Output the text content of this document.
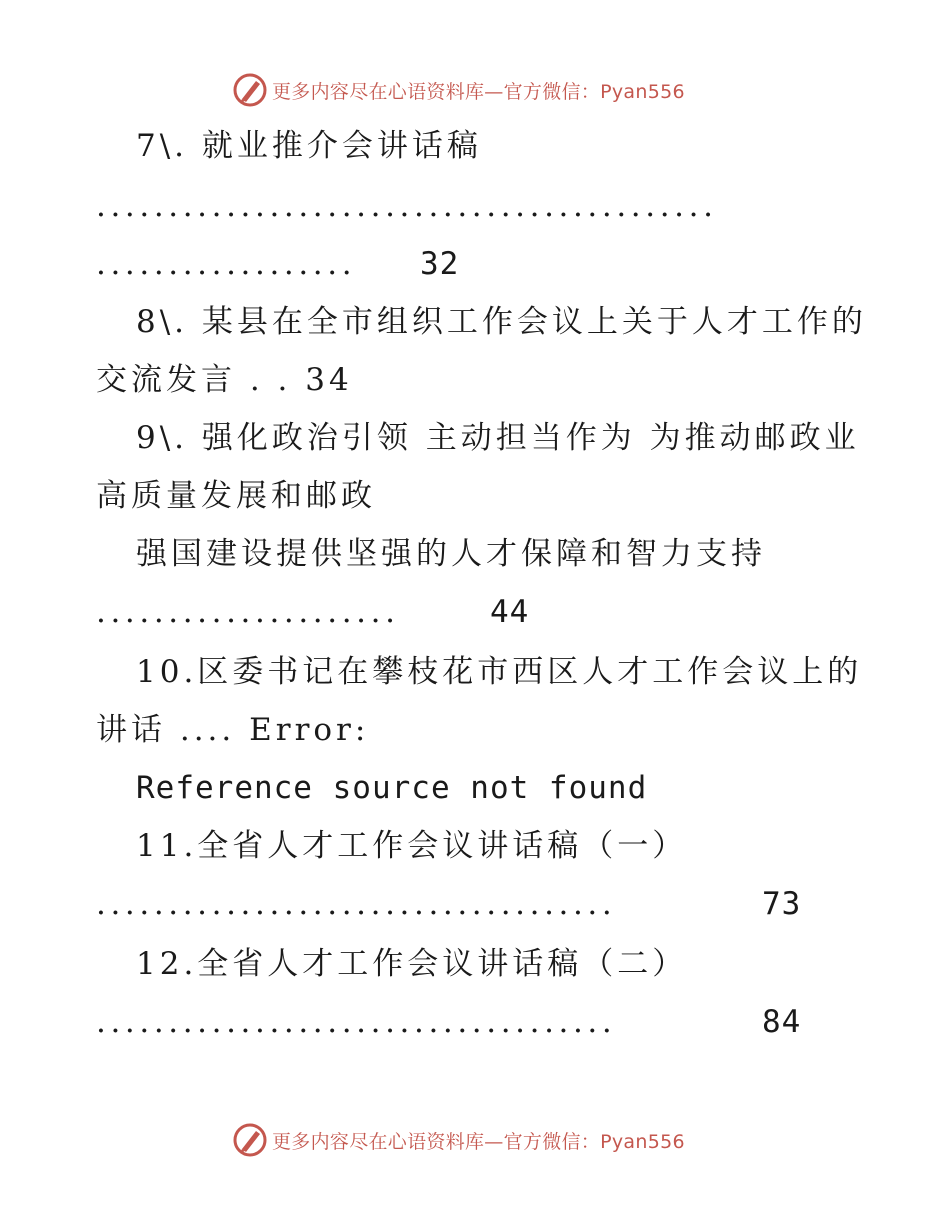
更多内容尽在心语资料库—官方微信：Pyan556
7\. 就业推介会讲话稿
...........................................
.................. 32
8\. 某县在全市组织工作会议上关于人才工作的
交流发言 . . 34
9\. 强化政治引领 主动担当作为 为推动邮政业
高质量发展和邮政
强国建设提供坚强的人才保障和智力支持
.....................	44
10.区委书记在攀枝花市西区人才工作会议上的
讲话 .... Error:
Reference source not found
11.全省人才工作会议讲话稿（一）
....................................	73
12.全省人才工作会议讲话稿（二）
....................................	84
更多内容尽在心语资料库—官方微信：Pyan556
